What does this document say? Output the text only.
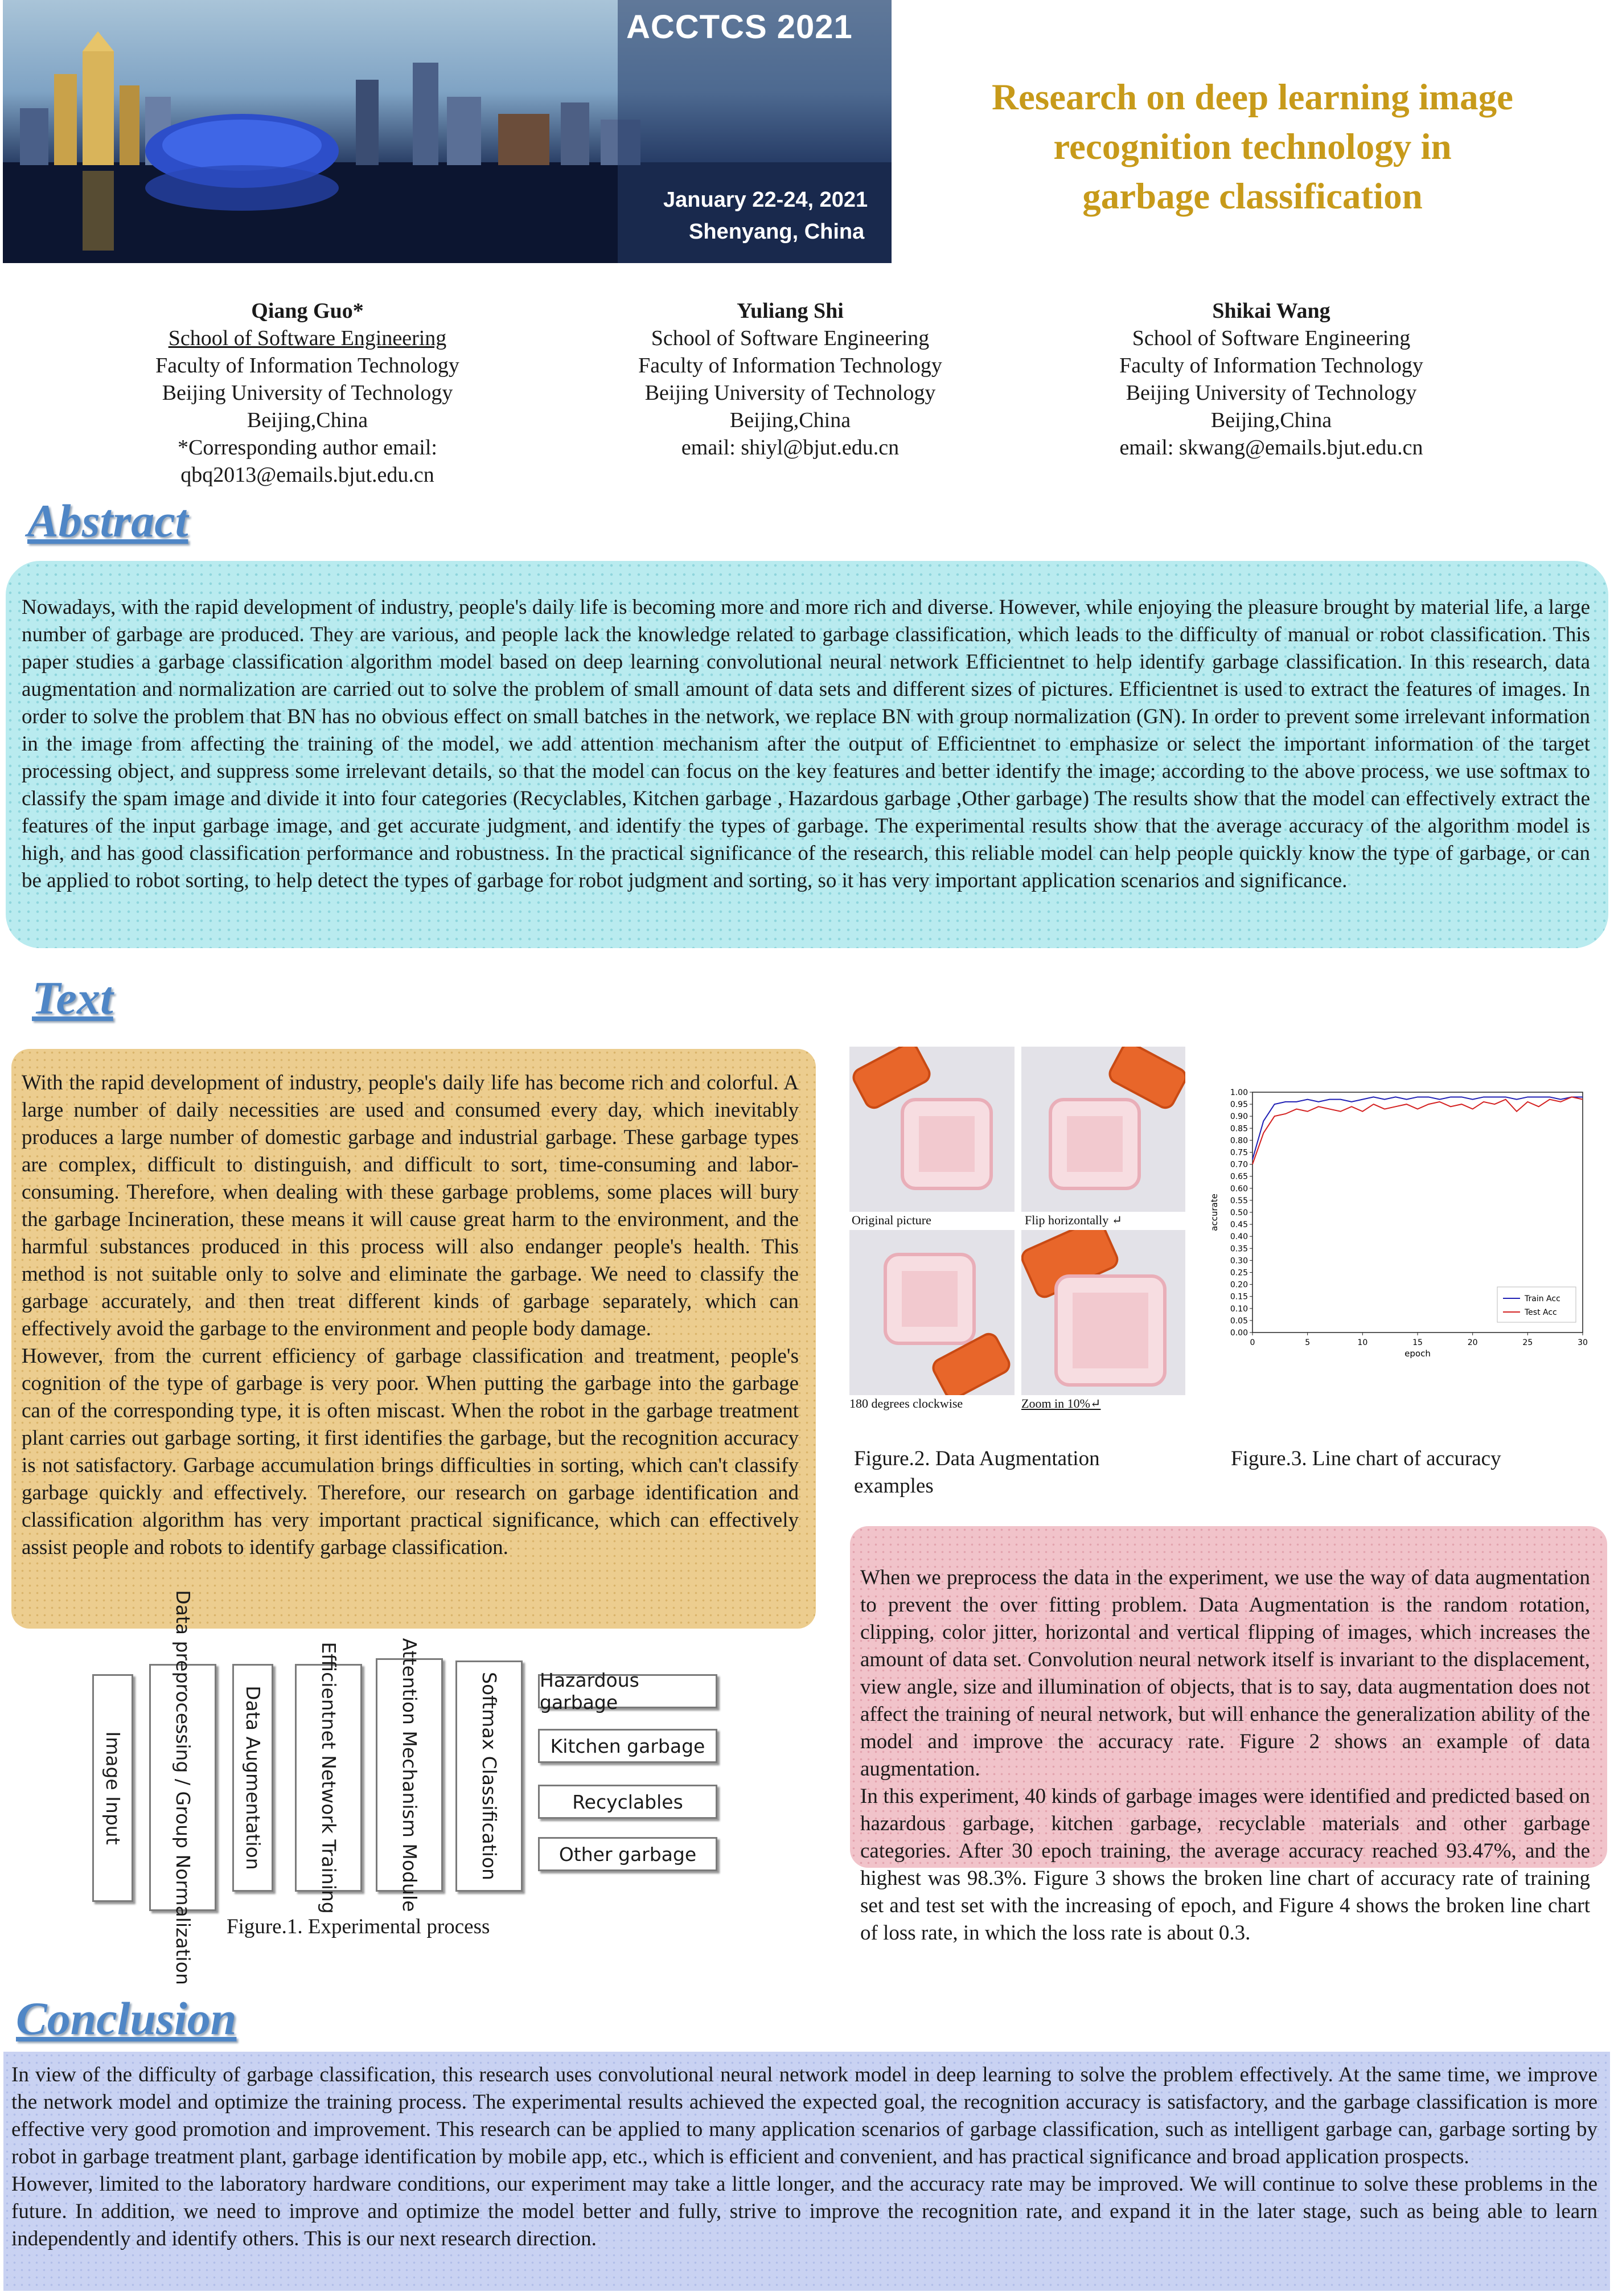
ACCTCS 2021
January 22-24, 2021
Shenyang, China
Research on deep learning image
recognition technology in
garbage classification
Qiang Guo*
School of Software Engineering
Faculty of Information Technology
Beijing University of Technology
Beijing,China
*Corresponding author email:
qbq2013@emails.bjut.edu.cn
Yuliang Shi
School of Software Engineering
Faculty of Information Technology
Beijing University of Technology
Beijing,China
email: shiyl@bjut.edu.cn
Shikai Wang
School of Software Engineering
Faculty of Information Technology
Beijing University of Technology
Beijing,China
email: skwang@emails.bjut.edu.cn
Abstract

Nowadays, with the rapid development of industry, people's daily life is becoming more and more rich and diverse. However, while enjoying the pleasure brought by material life, a large number of garbage are produced. They are various, and people lack the knowledge related to garbage classification, which leads to the difficulty of manual or robot classification. This paper studies a garbage classification algorithm model based on deep learning convolutional neural network Efficientnet to help identify garbage classification. In this research, data augmentation and normalization are carried out to solve the problem of small amount of data sets and different sizes of pictures. Efficientnet is used to extract the features of images. In order to solve the problem that BN has no obvious effect on small batches in the network, we replace BN with group normalization (GN). In order to prevent some irrelevant information in the image from affecting the training of the model, we add attention mechanism after the output of Efficientnet to emphasize or select the important information of the target processing object, and suppress some irrelevant details, so that the model can focus on the key features and better identify the image; according to the above process, we use softmax to classify the spam image and divide it into four categories (Recyclables, Kitchen garbage , Hazardous garbage ,Other garbage) The results show that the model can effectively extract the features of the input garbage image, and get accurate judgment, and identify the types of garbage. The experimental results show that the average accuracy of the algorithm model is high, and has good classification performance and robustness. In the practical significance of the research, this reliable model can help people quickly know the type of garbage, or can be applied to robot sorting, to help detect the types of garbage for robot judgment and sorting, so it has very important application scenarios and significance.

Text

With the rapid development of industry, people's daily life has become rich and colorful. A large number of daily necessities are used and consumed every day, which inevitably produces a large number of domestic garbage and industrial garbage. These garbage types are complex, difficult to distinguish, and difficult to sort, time-consuming and labor-consuming. Therefore, when dealing with these garbage problems, some places will bury the garbage Incineration, these means it will cause great harm to the environment, and the harmful substances produced in this process will also endanger people's health. This method is not suitable only to solve and eliminate the garbage. We need to classify the garbage accurately, and then treat different kinds of garbage separately, which can effectively avoid the garbage to the environment and people body damage.

However, from the current efficiency of garbage classification and treatment, people's cognition of the type of garbage is very poor. When putting the garbage into the garbage can of the corresponding type, it is often miscast. When the robot in the garbage treatment plant carries out garbage sorting, it first identifies the garbage, but the recognition accuracy is not satisfactory. Garbage accumulation brings difficulties in sorting, which can't classify garbage quickly and effectively. Therefore, our research on garbage identification and classification algorithm has very important practical significance, which can effectively assist people and robots to identify garbage classification.

Image Input	Data preprocessing / Group Normalization	Data Augmentation	Efficientnet Network Training	Attention Mechanism Module	Softmax Classification Hazardous garbage
Kitchen garbage
Recyclables
Other garbage
Figure.1. Experimental process
Original picture	Flip horizontally ↵
180 degrees clockwise	Zoom in 10%↵
Figure.2. Data Augmentation
examples
0.00
0.05
0.10
0.15
0.20
0.25
0.30
0.35
0.40
0.45
0.50
0.55
0.60
0.65
0.70
0.75
0.80
0.85
0.90
0.95
1.00
0	5	10	15	20	25	30
epoch
accurate
Train Acc
Test Acc
Figure.3. Line chart of accuracy

When we preprocess the data in the experiment, we use the way of data augmentation to prevent the over fitting problem. Data Augmentation is the random rotation, clipping, color jitter, horizontal and vertical flipping of images, which increases the amount of data set. Convolution neural network itself is invariant to the displacement, view angle, size and illumination of objects, that is to say, data augmentation does not affect the training of neural network, but will enhance the generalization ability of the model and improve the accuracy rate. Figure 2 shows an example of data augmentation.

In this experiment, 40 kinds of garbage images were identified and predicted based on hazardous garbage, kitchen garbage, recyclable materials and other garbage categories. After 30 epoch training, the average accuracy reached 93.47%, and the highest was 98.3%. Figure 3 shows the broken line chart of accuracy rate of training set and test set with the increasing of epoch, and Figure 4 shows the broken line chart of loss rate, in which the loss rate is about 0.3.

Conclusion

In view of the difficulty of garbage classification, this research uses convolutional neural network model in deep learning to solve the problem effectively. At the same time, we improve the network model and optimize the training process. The experimental results achieved the expected goal, the recognition accuracy is satisfactory, and the garbage classification is more effective very good promotion and improvement. This research can be applied to many application scenarios of garbage classification, such as intelligent garbage can, garbage sorting by robot in garbage treatment plant, garbage identification by mobile app, etc., which is efficient and convenient, and has practical significance and broad application prospects.

However, limited to the laboratory hardware conditions, our experiment may take a little longer, and the accuracy rate may be improved. We will continue to solve these problems in the future. In addition, we need to improve and optimize the model better and fully, strive to improve the recognition rate, and expand it in the later stage, such as being able to learn independently and identify others. This is our next research direction.
